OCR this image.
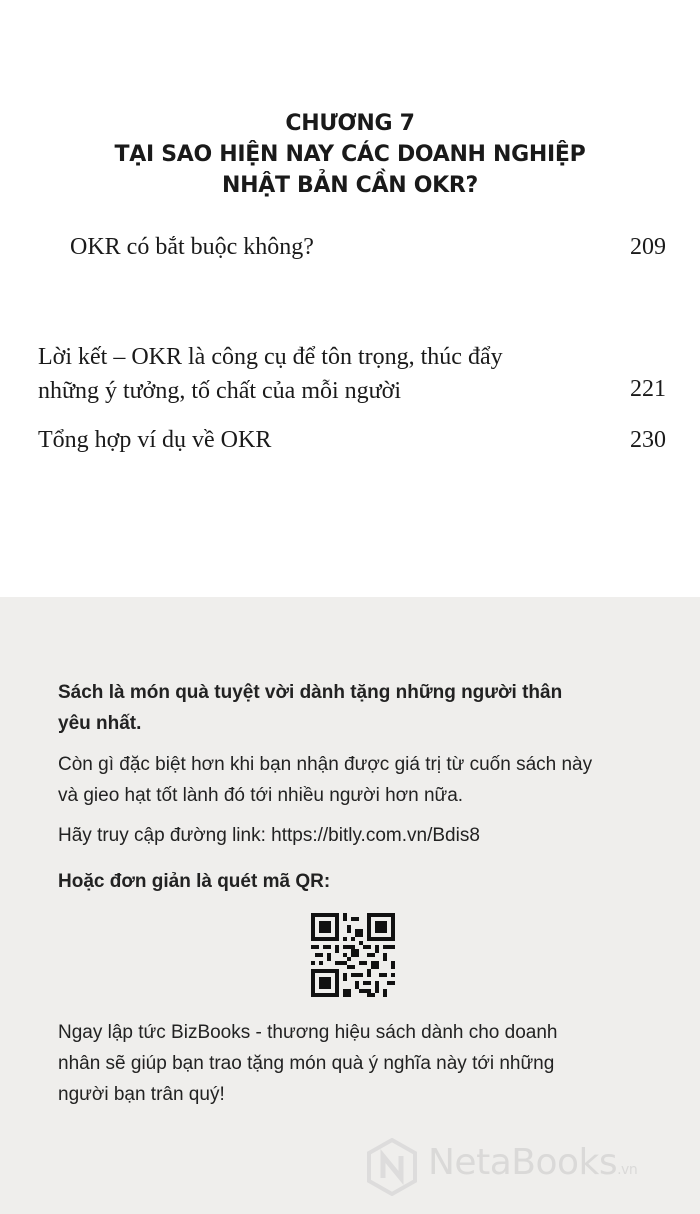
CHƯƠNG 7
TẠI SAO HIỆN NAY CÁC DOANH NGHIỆP
NHẬT BẢN CẦN OKR?
OKR có bắt buộc không?	209
Lời kết – OKR là công cụ để tôn trọng, thúc đẩy
những ý tưởng, tố chất của mỗi người	221
Tổng hợp ví dụ về OKR	230
Sách là món quà tuyệt vời dành tặng những người thân
yêu nhất.
Còn gì đặc biệt hơn khi bạn nhận được giá trị từ cuốn sách này
và gieo hạt tốt lành đó tới nhiều người hơn nữa.
Hãy truy cập đường link: https://bitly.com.vn/Bdis8
Hoặc đơn giản là quét mã QR:
Ngay lập tức BizBooks - thương hiệu sách dành cho doanh
nhân sẽ giúp bạn trao tặng món quà ý nghĩa này tới những
người bạn trân quý!
NetaBooks.vn
